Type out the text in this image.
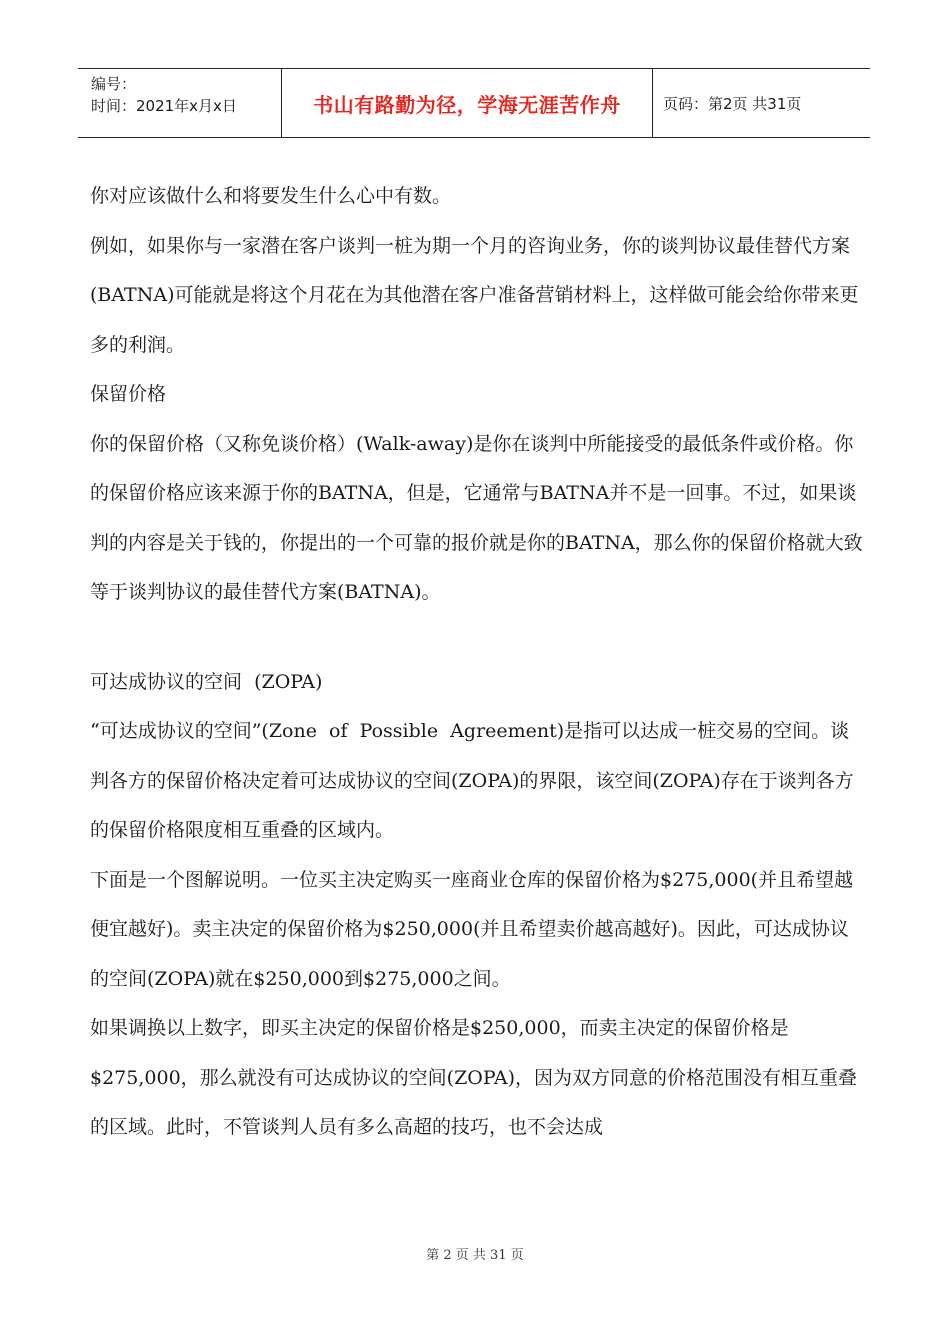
编号：
时间：2021年x月x日	书山有路勤为径，学海无涯苦作舟	页码：第2页 共31页

你对应该做什么和将要发生什么心中有数。

例如，如果你与一家潜在客户谈判一桩为期一个月的咨询业务，你的谈判协议最佳替代方案(BATNA)可能就是将这个月花在为其他潜在客户准备营销材料上，这样做可能会给你带来更多的利润。

保留价格

你的保留价格（又称免谈价格）(Walk-away)是你在谈判中所能接受的最低条件或价格。你的保留价格应该来源于你的BATNA，但是，它通常与BATNA并不是一回事。不过，如果谈判的内容是关于钱的，你提出的一个可靠的报价就是你的BATNA，那么你的保留价格就大致等于谈判协议的最佳替代方案(BATNA)。

可达成协议的空间  (ZOPA)

“可达成协议的空间”(Zone  of  Possible  Agreement)是指可以达成一桩交易的空间。谈判各方的保留价格决定着可达成协议的空间(ZOPA)的界限，该空间(ZOPA)存在于谈判各方的保留价格限度相互重叠的区域内。

下面是一个图解说明。一位买主决定购买一座商业仓库的保留价格为$275,000(并且希望越便宜越好)。卖主决定的保留价格为$250,000(并且希望卖价越高越好)。因此，可达成协议的空间(ZOPA)就在$250,000到$275,000之间。

如果调换以上数字，即买主决定的保留价格是$250,000，而卖主决定的保留价格是$275,000，那么就没有可达成协议的空间(ZOPA)，因为双方同意的价格范围没有相互重叠的区域。此时，不管谈判人员有多么高超的技巧，也不会达成

第 2 页 共 31 页
